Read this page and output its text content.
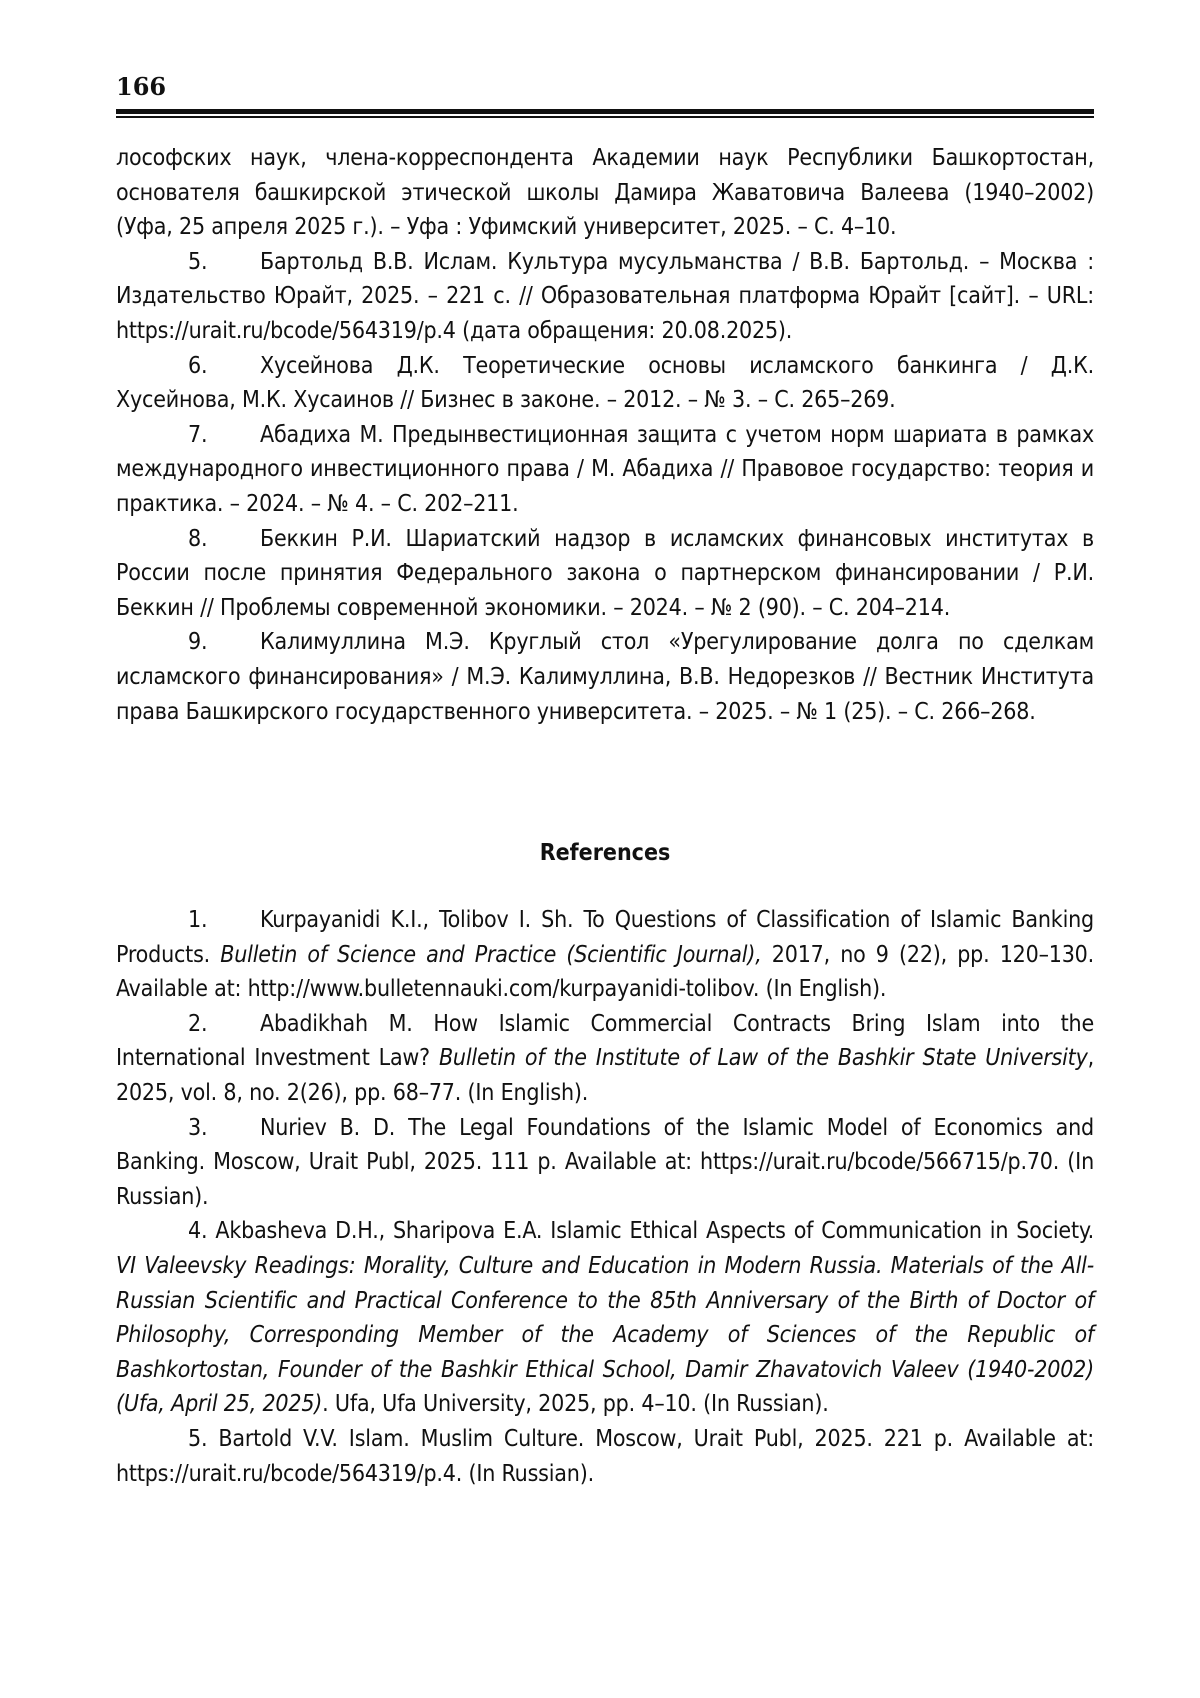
166

лософских наук, члена-корреспондента Академии наук Республики Башкортостан, основателя башкирской этической школы Дамира Жаватовича Валеева (1940–2002) (Уфа, 25 апреля 2025 г.). – Уфа : Уфимский университет, 2025. – С. 4–10.

5. Бартольд В.В. Ислам. Культура мусульманства / В.В. Бартольд. – Москва : Издательство Юрайт, 2025. – 221 с. // Образовательная платформа Юрайт [сайт]. – URL: https://urait.ru/bcode/564319/p.4 (дата обращения: 20.08.2025).

6. Хусейнова Д.К. Теоретические основы исламского банкинга / Д.К. Хусейнова, М.К. Хусаинов // Бизнес в законе. – 2012. – № 3. – С. 265–269.

7. Абадиха М. Предынвестиционная защита с учетом норм шариата в рамках международного инвестиционного права / М. Абадиха // Правовое государство: теория и практика. – 2024. – № 4. – С. 202–211.

8. Беккин Р.И. Шариатский надзор в исламских финансовых институтах в России после принятия Федерального закона о партнерском финансировании / Р.И. Беккин // Проблемы современной экономики. – 2024. – № 2 (90). – С. 204–214.

9. Калимуллина М.Э. Круглый стол «Урегулирование долга по сделкам исламского финансирования» / М.Э. Калимуллина, В.В. Недорезков // Вестник Института права Башкирского государственного университета. – 2025. – № 1 (25). – С. 266–268.

References

1. Kurpayanidi K.I., Tolibov I. Sh. To Questions of Classification of Islamic Banking Products. Bulletin of Science and Practice (Scientific Journal), 2017, no 9 (22), pp. 120–130. Available at: http://www.bulletennauki.com/kurpayanidi-tolibov. (In English).

2. Abadikhah M. How Islamic Commercial Contracts Bring Islam into the International Investment Law? Bulletin of the Institute of Law of the Bashkir State University, 2025, vol. 8, no. 2(26), pp. 68–77. (In English).

3. Nuriev B. D. The Legal Foundations of the Islamic Model of Economics and Banking. Moscow, Urait Publ, 2025. 111 p. Available at: https://urait.ru/bcode/566715/p.70. (In Russian).

4. Akbasheva D.H., Sharipova E.A. Islamic Ethical Aspects of Communication in Society. VI Valeevsky Readings: Morality, Culture and Education in Modern Russia. Materials of the All-Russian Scientific and Practical Conference to the 85th Anniversary of the Birth of Doctor of Philosophy, Corresponding Member of the Academy of Sciences of the Republic of Bashkortostan, Founder of the Bashkir Ethical School, Damir Zhavatovich Valeev (1940-2002) (Ufa, April 25, 2025). Ufa, Ufa University, 2025, pp. 4–10. (In Russian).

5. Bartold V.V. Islam. Muslim Culture. Moscow, Urait Publ, 2025. 221 p. Available at: https://urait.ru/bcode/564319/p.4. (In Russian).
